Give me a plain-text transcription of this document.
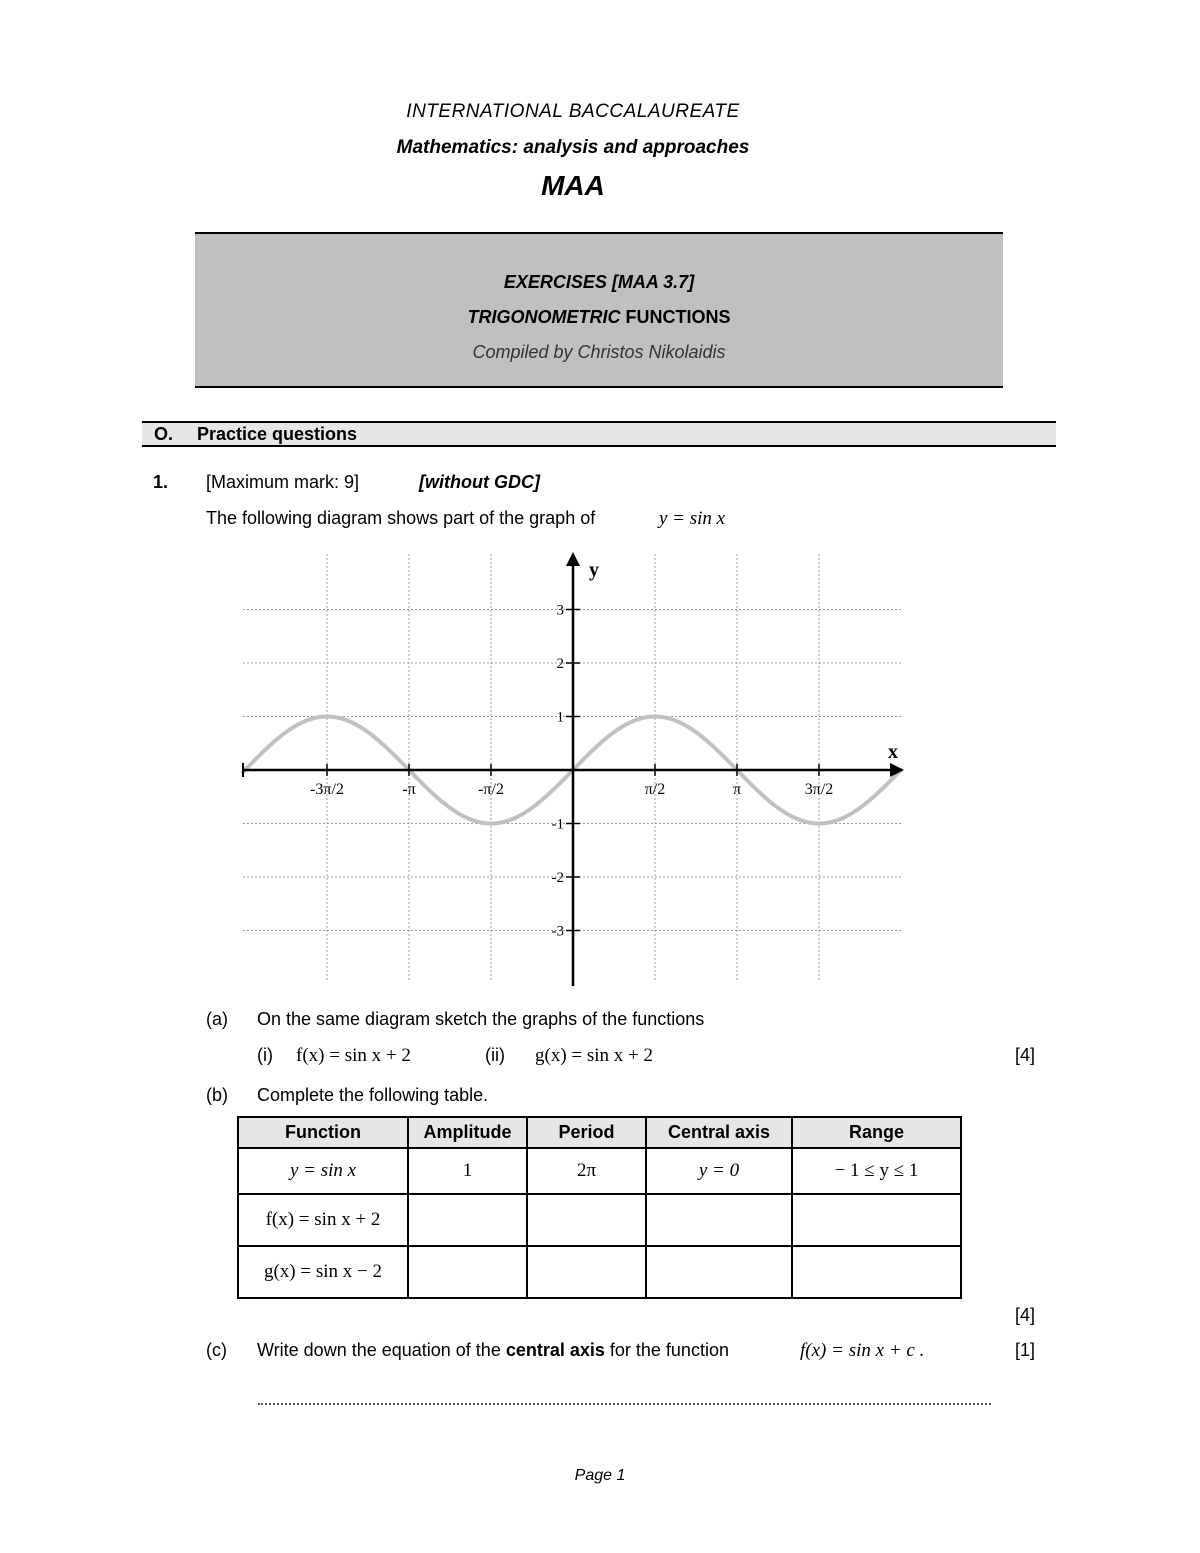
INTERNATIONAL BACCALAUREATE
Mathematics: analysis and approaches
MAA
EXERCISES [MAA 3.7]
TRIGONOMETRIC FUNCTIONS
Compiled by Christos Nikolaidis
O. Practice questions
1. [Maximum mark: 9]	[without GDC]
The following diagram shows part of the graph of	y = sin x
-3π/2	-π	-π/2	π/2	π	3π/2
3
2
1
-1
-2
-3
x
y
(a) On the same diagram sketch the graphs of the functions
(i) f(x) = sin x + 2	(ii) g(x) = sin x + 2	[4]
(b) Complete the following table.
Function	Amplitude	Period	Central axis	Range
y = sin x	1	2π	y = 0	− 1 ≤ y ≤ 1
f(x) = sin x + 2				
g(x) = sin x − 2				
[4]
(c) Write down the equation of the central axis for the function	f(x) = sin x + c .	[1]
Page 1
